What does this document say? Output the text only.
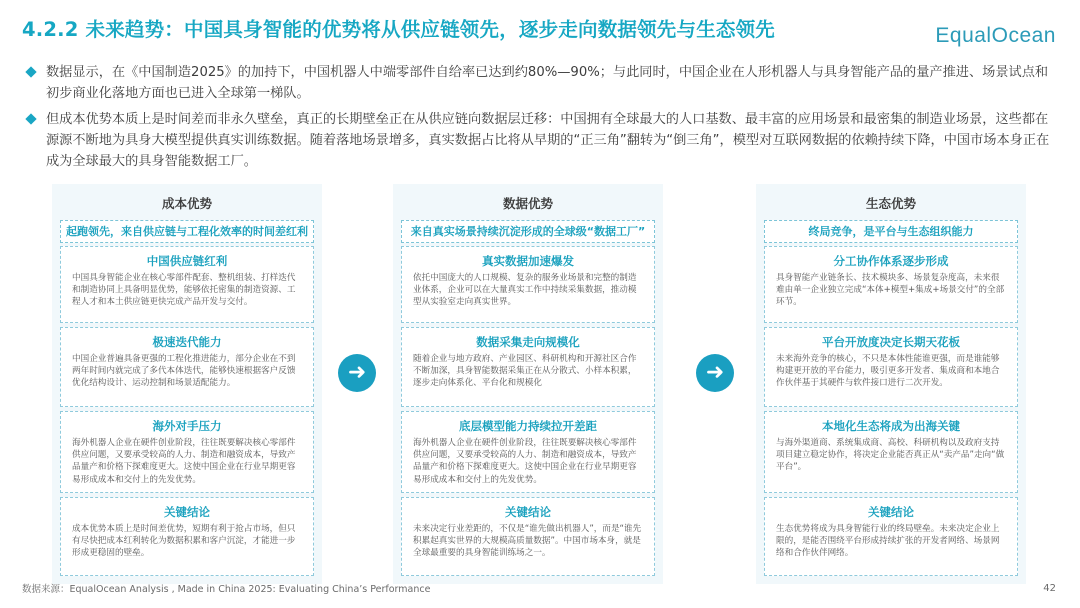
4.2.2 未来趋势：中国具身智能的优势将从供应链领先，逐步走向数据领先与生态领先	EqualOcean
数据显示，在《中国制造2025》的加持下，中国机器人中端零部件自给率已达到约80%—90%；与此同时，中国企业在人形机器人与具身智能产品的量产推进、场景试点和初步商业化落地方面也已进入全球第一梯队。
但成本优势本质上是时间差而非永久壁垒，真正的长期壁垒正在从供应链向数据层迁移：中国拥有全球最大的人口基数、最丰富的应用场景和最密集的制造业场景，这些都在源源不断地为具身大模型提供真实训练数据。随着落地场景增多，真实数据占比将从早期的“正三角”翻转为“倒三角”，模型对互联网数据的依赖持续下降，中国市场本身正在成为全球最大的具身智能数据工厂。
成本优势
起跑领先，来自供应链与工程化效率的时间差红利
中国供应链红利
中国具身智能企业在核心零部件配套、整机组装、打样迭代和制造协同上具备明显优势，能够依托密集的制造资源、工程人才和本土供应链更快完成产品开发与交付。
极速迭代能力
中国企业普遍具备更强的工程化推进能力，部分企业在不到两年时间内就完成了多代本体迭代，能够快速根据客户反馈优化结构设计、运动控制和场景适配能力。
海外对手压力
海外机器人企业在硬件创业阶段，往往既要解决核心零部件供应问题，又要承受较高的人力、制造和融资成本，导致产品量产和价格下探难度更大。这使中国企业在行业早期更容易形成成本和交付上的先发优势。
关键结论
成本优势本质上是时间差优势，短期有利于抢占市场，但只有尽快把成本红利转化为数据积累和客户沉淀，才能进一步形成更稳固的壁垒。
➜
数据优势
来自真实场景持续沉淀形成的全球级“数据工厂”
真实数据加速爆发
依托中国庞大的人口规模、复杂的服务业场景和完整的制造业体系，企业可以在大量真实工作中持续采集数据，推动模型从实验室走向真实世界。
数据采集走向规模化
随着企业与地方政府、产业园区、科研机构和开源社区合作不断加深，具身智能数据采集正在从分散式、小样本积累，逐步走向体系化、平台化和规模化
底层模型能力持续拉开差距
海外机器人企业在硬件创业阶段，往往既要解决核心零部件供应问题，又要承受较高的人力、制造和融资成本，导致产品量产和价格下探难度更大。这使中国企业在行业早期更容易形成成本和交付上的先发优势。
关键结论
未来决定行业差距的，不仅是“谁先做出机器人”，而是“谁先积累起真实世界的大规模高质量数据”。中国市场本身，就是全球最重要的具身智能训练场之一。
➜
生态优势
终局竞争，是平台与生态组织能力
分工协作体系逐步形成
具身智能产业链条长、技术模块多、场景复杂度高，未来很难由单一企业独立完成“本体+模型+集成+场景交付”的全部环节。
平台开放度决定长期天花板
未来海外竞争的核心，不只是本体性能谁更强，而是谁能够构建更开放的平台能力，吸引更多开发者、集成商和本地合作伙伴基于其硬件与软件接口进行二次开发。
本地化生态将成为出海关键
与海外渠道商、系统集成商、高校、科研机构以及政府支持项目建立稳定协作，将决定企业能否真正从“卖产品”走向“做平台”。
关键结论
生态优势将成为具身智能行业的终局壁垒。未来决定企业上限的，是能否围绕平台形成持续扩张的开发者网络、场景网络和合作伙伴网络。
数据来源：EqualOcean Analysis , Made in China 2025: Evaluating China’s Performance	42
